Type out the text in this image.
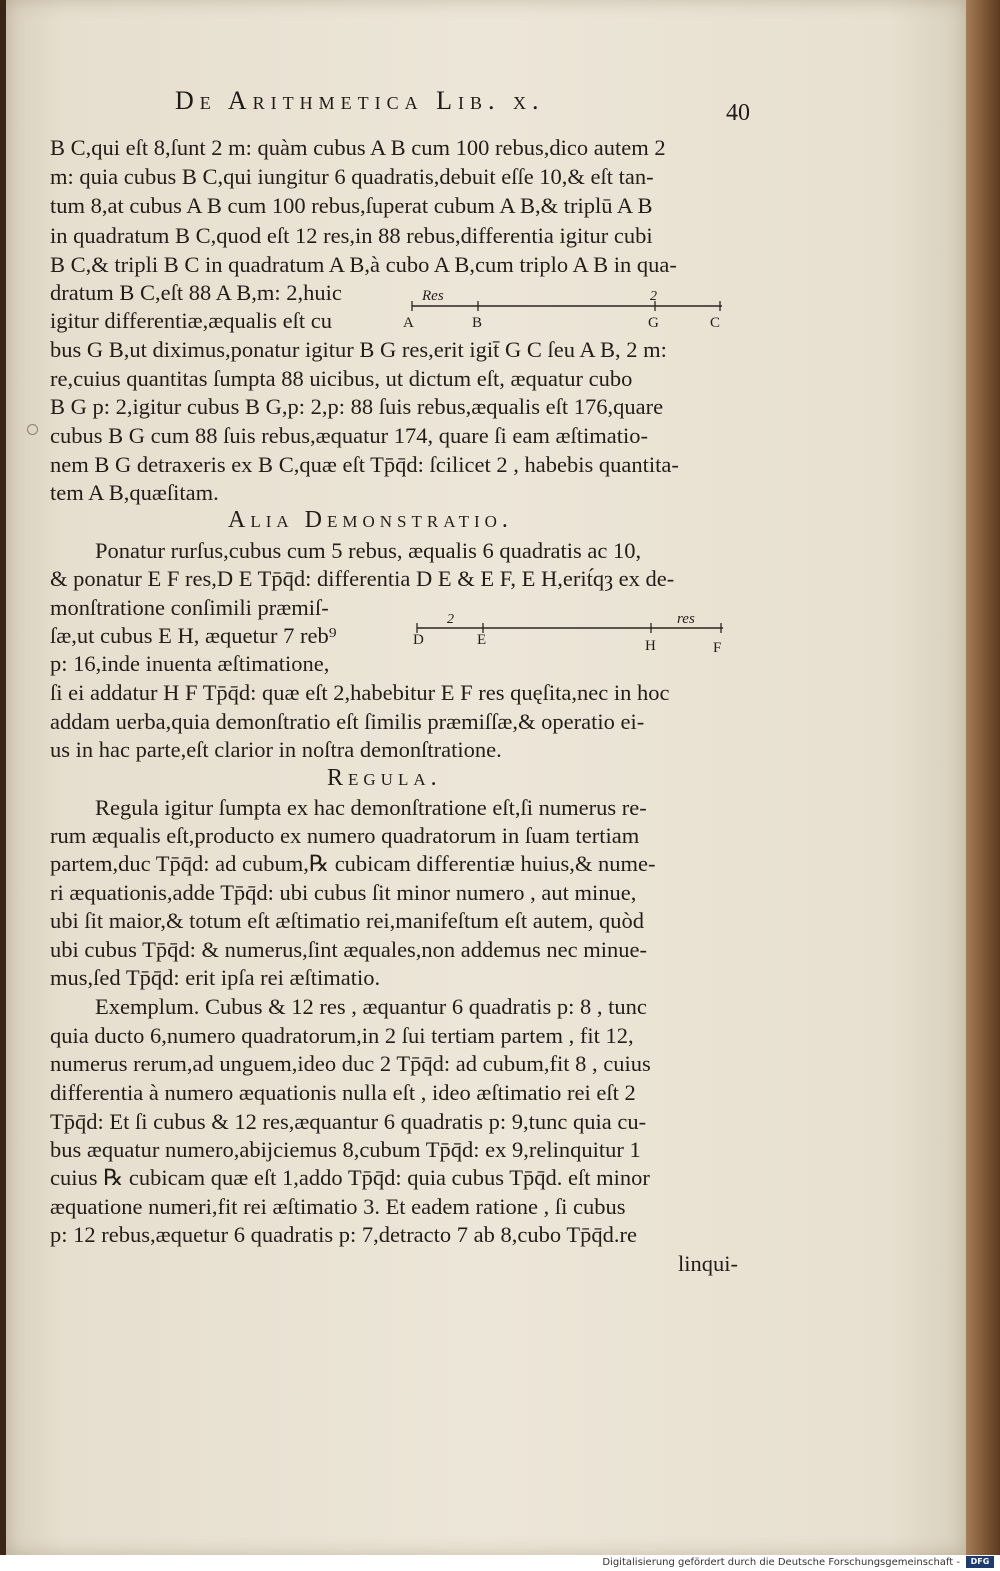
De Arithmetica Lib. x.	40
B C,qui eſt 8,ſunt 2 m: quàm cubus A B cum 100 rebus,dico autem 2
m: quia cubus B C,qui iungitur 6 quadratis,debuit eſſe 10,& eſt tan-
tum 8,at cubus A B cum 100 rebus,ſuperat cubum A B,& triplū A B
in quadratum B C,quod eſt 12 res,in 88 rebus,differentia igitur cubi
B C,& tripli B C in quadratum A B,à cubo A B,cum triplo A B in qua-
dratum B C,eſt 88 A B,m: 2,huic
igitur differentiæ,æqualis eſt cu
bus G B,ut diximus,ponatur igitur B G res,erit igit̄ G C ſeu A B, 2 m:
re,cuius quantitas ſumpta 88 uicibus, ut dictum eſt, æquatur cubo
B G p: 2,igitur cubus B G,p: 2,p: 88 ſuis rebus,æqualis eſt 176,quare
cubus B G cum 88 ſuis rebus,æquatur 174, quare ſi eam æſtimatio-
nem B G detraxeris ex B C,quæ eſt Tp̄q̄d: ſcilicet 2 , habebis quantita-
tem A B,quæſitam.
Res	2
A	B	G	C
Alia Demonstratio.
Ponatur rurſus,cubus cum 5 rebus, æqualis 6 quadratis ac 10,
& ponatur E F res,D E Tp̄q̄d: differentia D E & E F, E H,erit́qȝ ex de-
monſtratione conſimili præmiſ-
ſæ,ut cubus E H, æquetur 7 reb⁹
p: 16,inde inuenta æſtimatione,
ſi ei addatur H F Tp̄q̄d: quæ eſt 2,habebitur E F res quęſita,nec in hoc
addam uerba,quia demonſtratio eſt ſimilis præmiſſæ,& operatio ei-
us in hac parte,eſt clarior in noſtra demonſtratione.
2	res
D	E	H	F
Regula.
Regula igitur ſumpta ex hac demonſtratione eſt,ſi numerus re-
rum æqualis eſt,producto ex numero quadratorum in ſuam tertiam
partem,duc Tp̄q̄d: ad cubum,℞ cubicam differentiæ huius,& nume-
ri æquationis,adde Tp̄q̄d: ubi cubus ſit minor numero , aut minue,
ubi ſit maior,& totum eſt æſtimatio rei,manifeſtum eſt autem, quòd
ubi cubus Tp̄q̄d: & numerus,ſint æquales,non addemus nec minue-
mus,ſed Tp̄q̄d: erit ipſa rei æſtimatio.
Exemplum. Cubus & 12 res , æquantur 6 quadratis p: 8 , tunc
quia ducto 6,numero quadratorum,in 2 ſui tertiam partem , fit 12,
numerus rerum,ad unguem,ideo duc 2 Tp̄q̄d: ad cubum,fit 8 , cuius
differentia à numero æquationis nulla eſt , ideo æſtimatio rei eſt 2
Tp̄q̄d: Et ſi cubus & 12 res,æquantur 6 quadratis p: 9,tunc quia cu-
bus æquatur numero,abijciemus 8,cubum Tp̄q̄d: ex 9,relinquitur 1
cuius ℞ cubicam quæ eſt 1,addo Tp̄q̄d: quia cubus Tp̄q̄d. eſt minor
æquatione numeri,fit rei æſtimatio 3. Et eadem ratione , ſi cubus
p: 12 rebus,æquetur 6 quadratis p: 7,detracto 7 ab 8,cubo Tp̄q̄d.re
linqui-
Digitalisierung gefördert durch die Deutsche Forschungsgemeinschaft -	DFG
